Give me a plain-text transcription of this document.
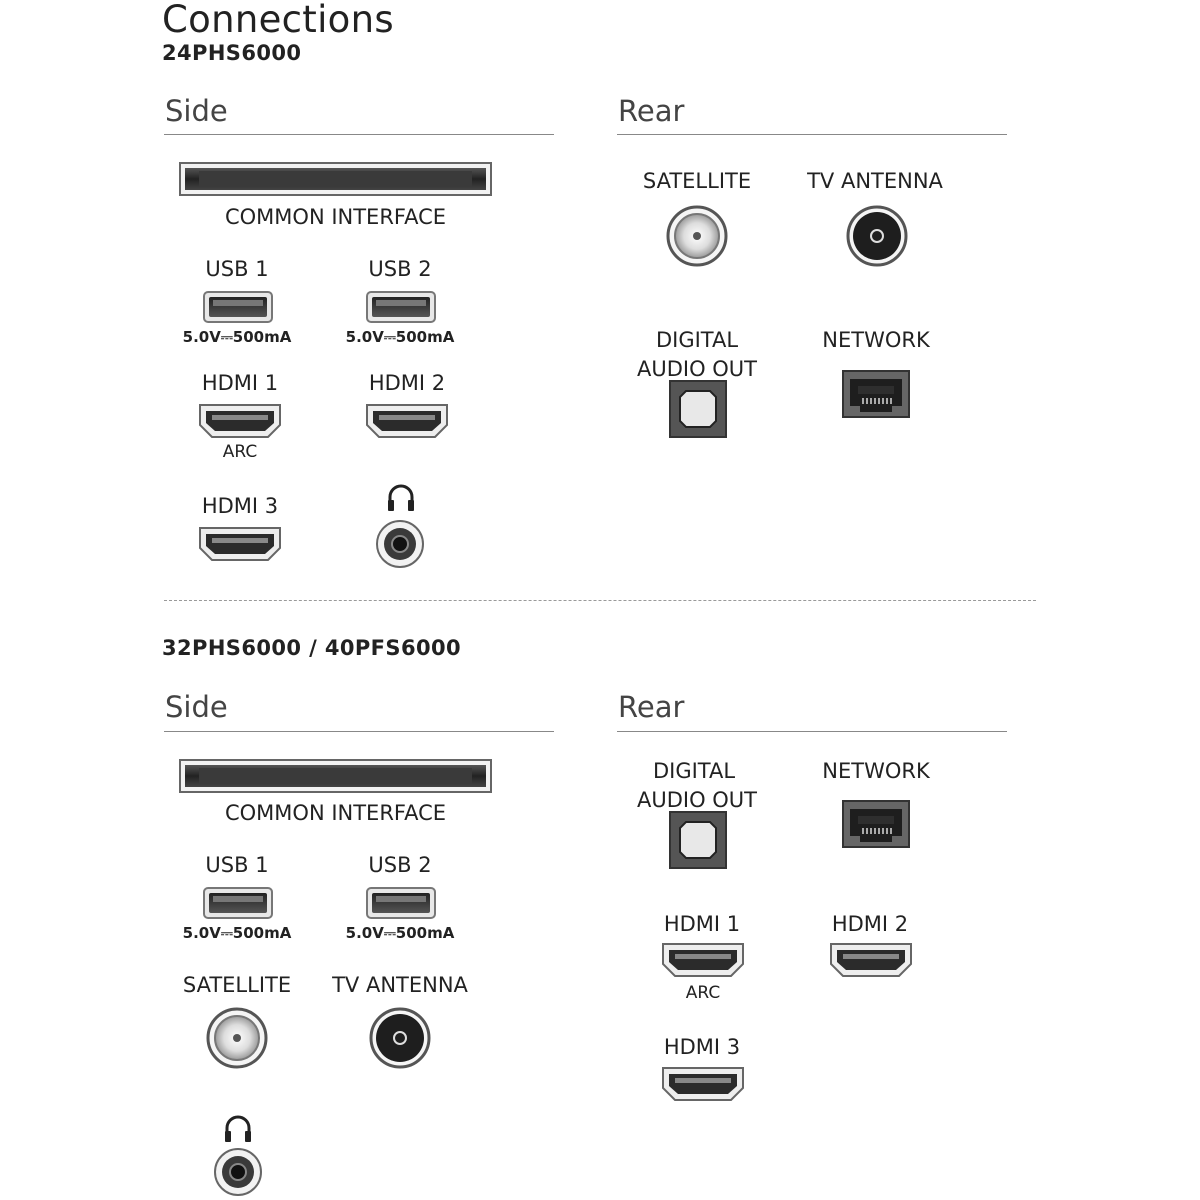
Connections
24PHS6000
Side	Rear
COMMON INTERFACE
USB 1
5.0V⎓500mA
USB 2
5.0V⎓500mA
HDMI 1
ARC
HDMI 2
HDMI 3
SATELLITE	TV ANTENNA
DIGITAL
AUDIO OUT
NETWORK
32PHS6000 / 40PFS6000
Side	Rear
COMMON INTERFACE
USB 1
5.0V⎓500mA
USB 2
5.0V⎓500mA
SATELLITE	TV ANTENNA
DIGITAL
AUDIO OUT
NETWORK
HDMI 1
ARC
HDMI 2
HDMI 3
